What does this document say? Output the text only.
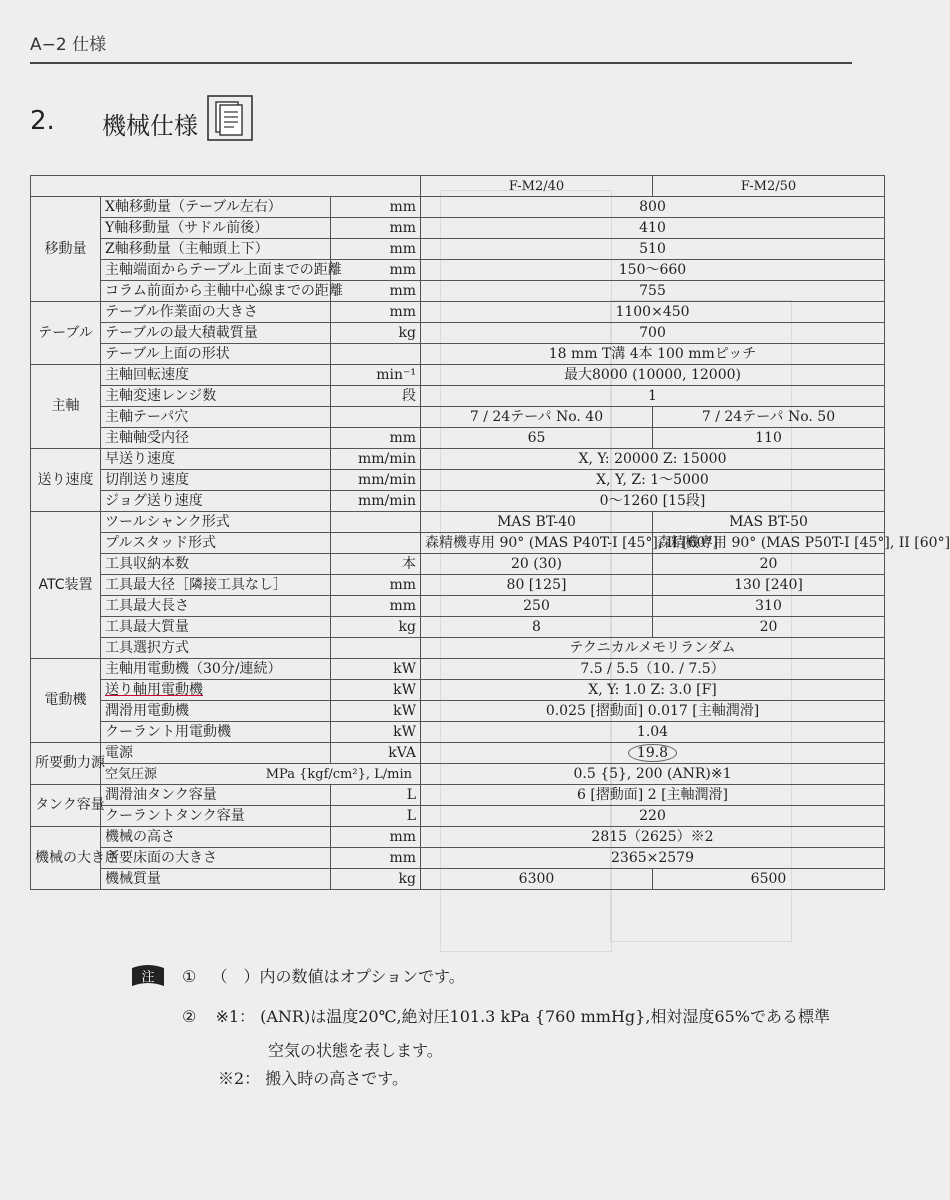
A−2 仕様
2. 機械仕様
			F-M2/40	F-M2/50
移動量	X軸移動量（テーブル左右）	mm	800	
	Y軸移動量（サドル前後）	mm	410	
	Z軸移動量（主軸頭上下）	mm	510	
	主軸端面からテーブル上面までの距離	mm	150～660	
	コラム前面から主軸中心線までの距離	mm	755	
テーブル	テーブル作業面の大きさ	mm	1100×450	
	テーブルの最大積載質量	kg	700	
	テーブル上面の形状		18 mm T溝 4本 100 mmピッチ	
主軸	主軸回転速度	min⁻¹	最大8000 (10000, 12000)	
	主軸変速レンジ数	段	1	
	主軸テーパ穴		7 / 24テーパ No. 40	7 / 24テーパ No. 50
	主軸軸受内径	mm	65	110
送り速度	早送り速度	mm/min	X, Y: 20000 Z: 15000	
	切削送り速度	mm/min	X, Y, Z: 1～5000	
	ジョグ送り速度	mm/min	0～1260 [15段]	
ATC装置	ツールシャンク形式		MAS BT-40	MAS BT-50
	プルスタッド形式		森精機専用 90° (MAS P40T-I [45°], II [60°]	森精機専用 90° (MAS P50T-I [45°], II [60°]
	工具収納本数	本	20 (30)	20
	工具最大径［隣接工具なし］	mm	80 [125]	130 [240]
	工具最大長さ	mm	250	310
	工具最大質量	kg	8	20
	工具選択方式		テクニカルメモリランダム	
電動機	主軸用電動機（30分/連続）	kW	7.5 / 5.5（10. / 7.5）	
	送り軸用電動機	kW	X, Y: 1.0 Z: 3.0 [F]	
	潤滑用電動機	kW	0.025 [摺動面] 0.017 [主軸潤滑]	
	クーラント用電動機	kW	1.04	
所要動力源	電源	kVA	19.8	
	空気圧源 MPa {kgf/cm²}, L/min		0.5 {5}, 200 (ANR)※1	
タンク容量	潤滑油タンク容量	L	6 [摺動面] 2 [主軸潤滑]	
	クーラントタンク容量	L	220	
機械の大きさ	機械の高さ	mm	2815（2625）※2	
	所要床面の大きさ	mm	2365×2579	
	機械質量	kg	6300	6500
注 ① （　）内の数値はオプションです。
② ※1： (ANR)は温度20℃,絶対圧101.3 kPa {760 mmHg},相対湿度65%である標準
空気の状態を表します。
※2： 搬入時の高さです。
